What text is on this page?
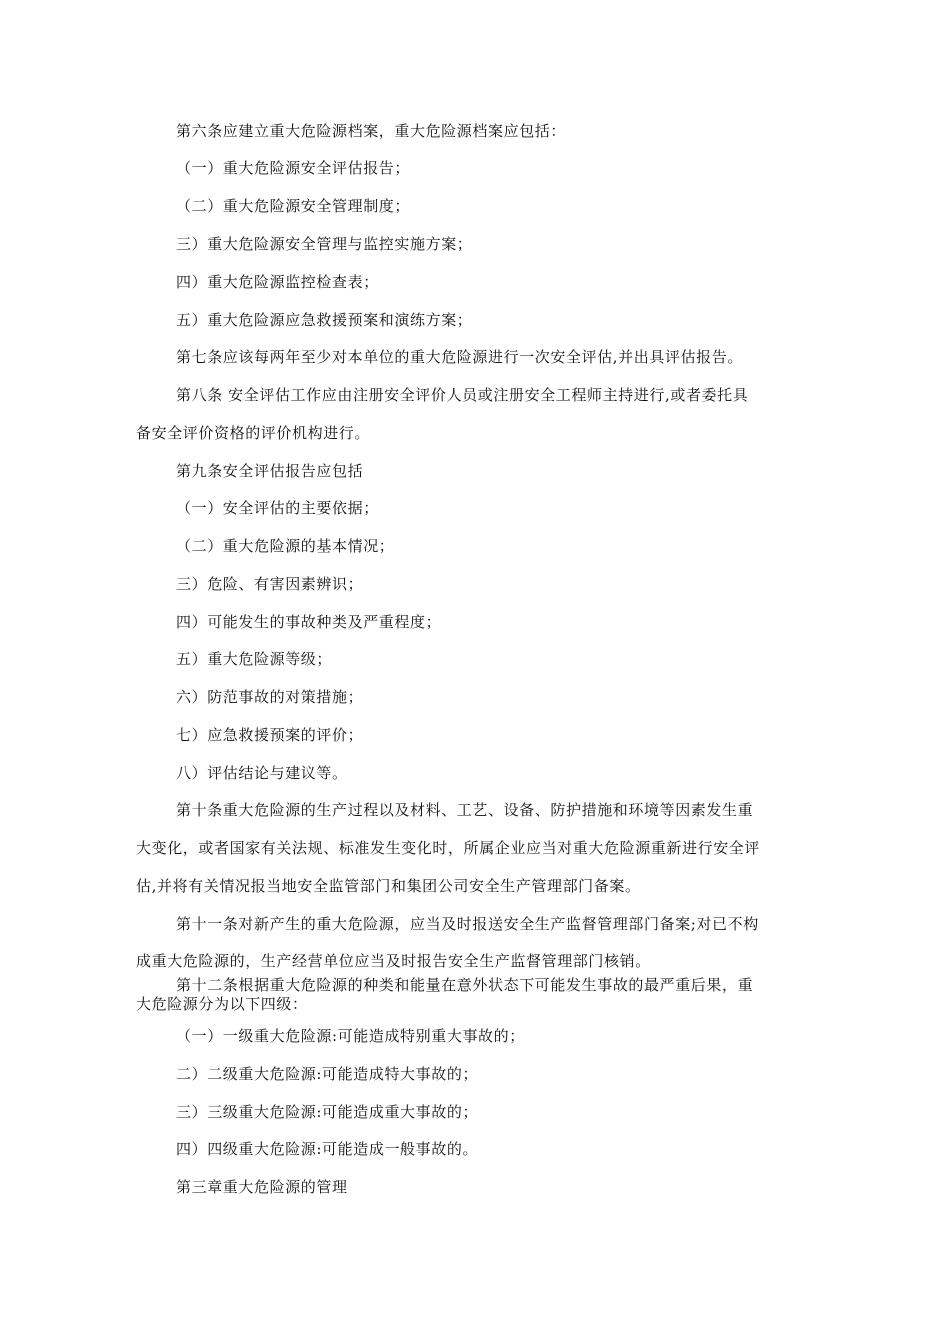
第六条应建立重大危险源档案，重大危险源档案应包括：
（一）重大危险源安全评估报告；
（二）重大危险源安全管理制度；
三）重大危险源安全管理与监控实施方案；
四）重大危险源监控检查表；
五）重大危险源应急救援预案和演练方案；
第七条应该每两年至少对本单位的重大危险源进行一次安全评估,并出具评估报告。
第八条 安全评估工作应由注册安全评价人员或注册安全工程师主持进行,或者委托具
备安全评价资格的评价机构进行。
第九条安全评估报告应包括
（一）安全评估的主要依据；
（二）重大危险源的基本情况；
三）危险、有害因素辨识；
四）可能发生的事故种类及严重程度；
五）重大危险源等级；
六）防范事故的对策措施；
七）应急救援预案的评价；
八）评估结论与建议等。
第十条重大危险源的生产过程以及材料、工艺、设备、防护措施和环境等因素发生重
大变化，或者国家有关法规、标准发生变化时，所属企业应当对重大危险源重新进行安全评
估,并将有关情况报当地安全监管部门和集团公司安全生产管理部门备案。
第十一条对新产生的重大危险源，应当及时报送安全生产监督管理部门备案;对已不构
成重大危险源的，生产经营单位应当及时报告安全生产监督管理部门核销。
第十二条根据重大危险源的种类和能量在意外状态下可能发生事故的最严重后果，重
大危险源分为以下四级：
（一）一级重大危险源:可能造成特别重大事故的；
二）二级重大危险源:可能造成特大事故的；
三）三级重大危险源:可能造成重大事故的；
四）四级重大危险源:可能造成一般事故的。
第三章重大危险源的管理
